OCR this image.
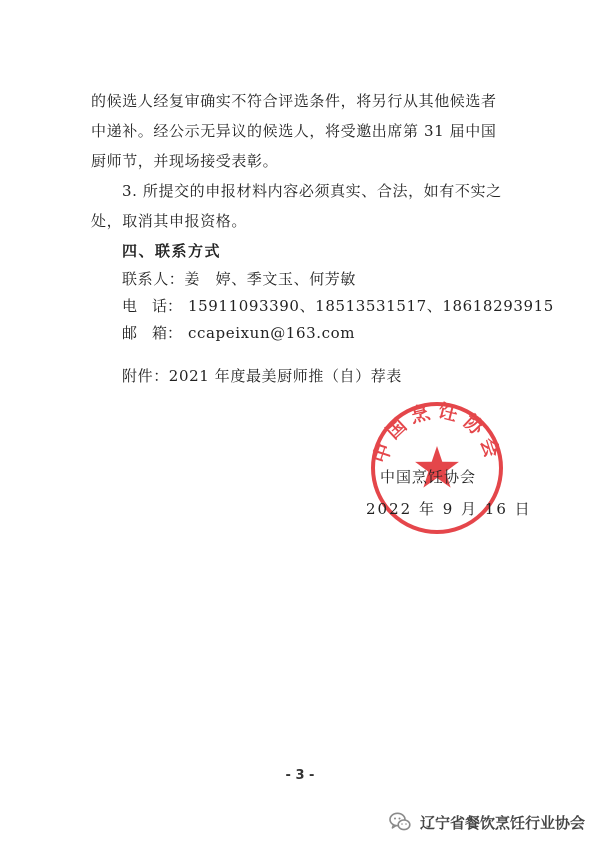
的候选人经复审确实不符合评选条件，将另行从其他候选者
中递补。经公示无异议的候选人，将受邀出席第 31 届中国
厨师节，并现场接受表彰。
3. 所提交的申报材料内容必须真实、合法，如有不实之
处，取消其申报资格。
四、联系方式
联系人：姜　婷、季文玉、何芳敏
电　话： 15911093390、18513531517、18618293915
邮　箱： ccapeixun@163.com
附件：2021 年度最美厨师推（自）荐表
中国烹饪协会
中国烹饪协会
2022 年 9 月 16 日
- 3 -
辽宁省餐饮烹饪行业协会
